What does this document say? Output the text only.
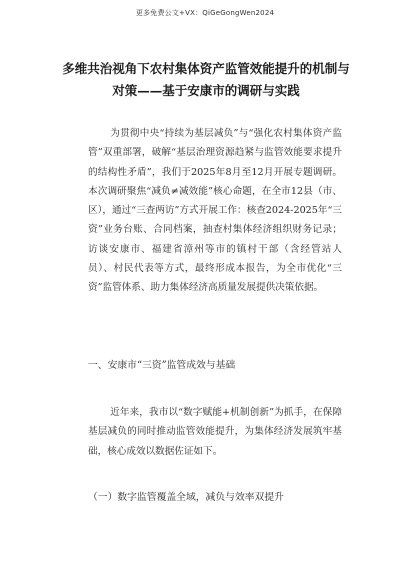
更多免费公文+VX：QiGeGongWen2024
多维共治视角下农村集体资产监管效能提升的机制与对策——基于安康市的调研与实践
为贯彻中央“持续为基层减负”与“强化农村集体资产监管”双重部署，破解“基层治理资源趋紧与监管效能要求提升的结构性矛盾”，我们于2025年8月至12月开展专题调研。本次调研聚焦“减负≠减效能”核心命题，在全市12县（市、区），通过“三查两访”方式开展工作：核查2024-2025年“三资”业务台账、合同档案，抽查村集体经济组织财务记录；访谈安康市、福建省漳州等市的镇村干部（含经管站人员）、村民代表等方式，最终形成本报告，为全市优化“三资”监管体系、助力集体经济高质量发展提供决策依据。
一、安康市“三资”监管成效与基础
近年来，我市以“数字赋能+机制创新”为抓手，在保障基层减负的同时推动监管效能提升，为集体经济发展筑牢基础，核心成效以数据佐证如下。
（一）数字监管覆盖全域，减负与效率双提升
